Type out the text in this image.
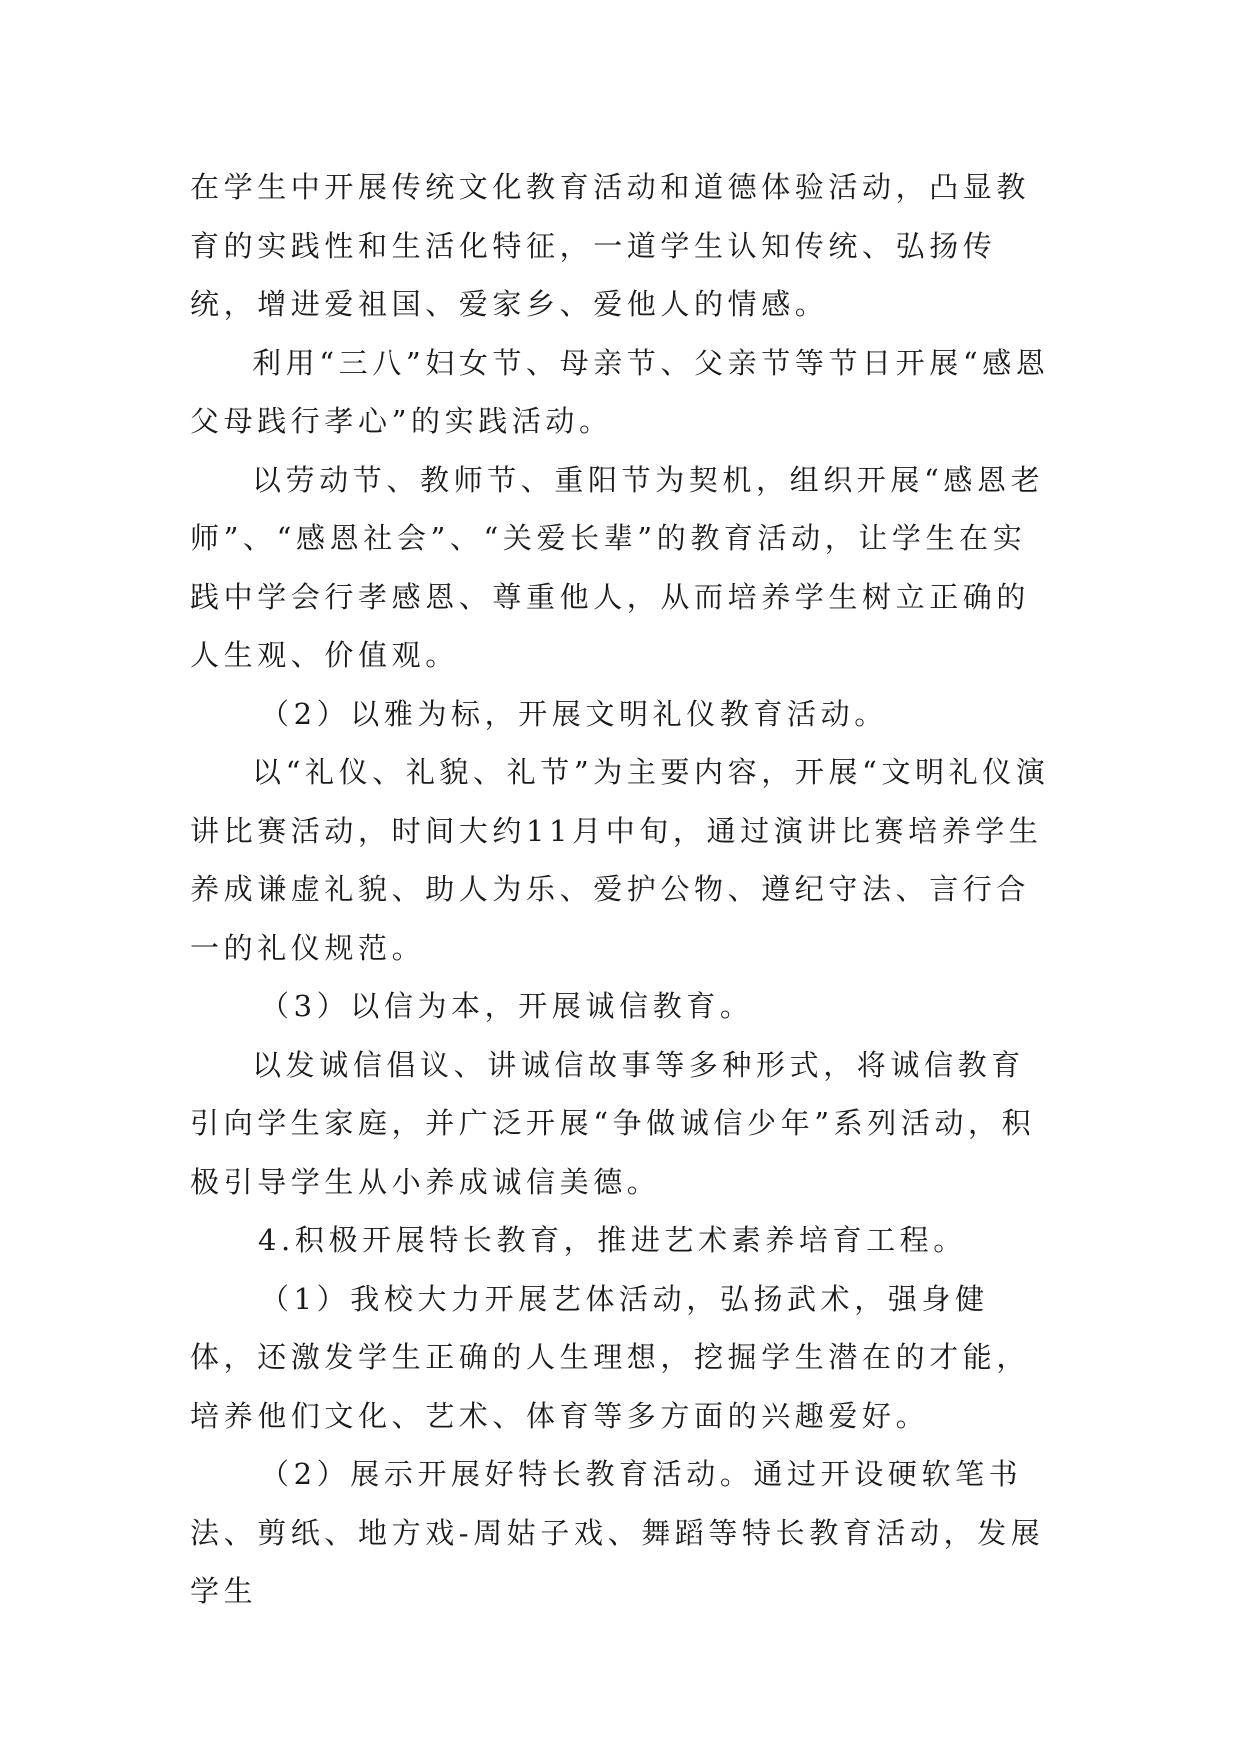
在学生中开展传统文化教育活动和道德体验活动，凸显教育的实践性和生活化特征，一道学生认知传统、弘扬传统，增进爱祖国、爱家乡、爱他人的情感。

利用“三八”妇女节、母亲节、父亲节等节日开展“感恩父母践行孝心”的实践活动。

以劳动节、教师节、重阳节为契机，组织开展“感恩老师”、“感恩社会”、“关爱长辈”的教育活动，让学生在实践中学会行孝感恩、尊重他人，从而培养学生树立正确的人生观、价值观。

（2）以雅为标，开展文明礼仪教育活动。

以“礼仪、礼貌、礼节”为主要内容，开展“文明礼仪演讲比赛活动，时间大约11月中旬，通过演讲比赛培养学生养成谦虚礼貌、助人为乐、爱护公物、遵纪守法、言行合一的礼仪规范。

（3）以信为本，开展诚信教育。

以发诚信倡议、讲诚信故事等多种形式，将诚信教育引向学生家庭，并广泛开展“争做诚信少年”系列活动，积极引导学生从小养成诚信美德。

4.积极开展特长教育，推进艺术素养培育工程。

（1）我校大力开展艺体活动，弘扬武术，强身健体，还激发学生正确的人生理想，挖掘学生潜在的才能，培养他们文化、艺术、体育等多方面的兴趣爱好。

（2）展示开展好特长教育活动。通过开设硬软笔书法、剪纸、地方戏-周姑子戏、舞蹈等特长教育活动，发展学生
